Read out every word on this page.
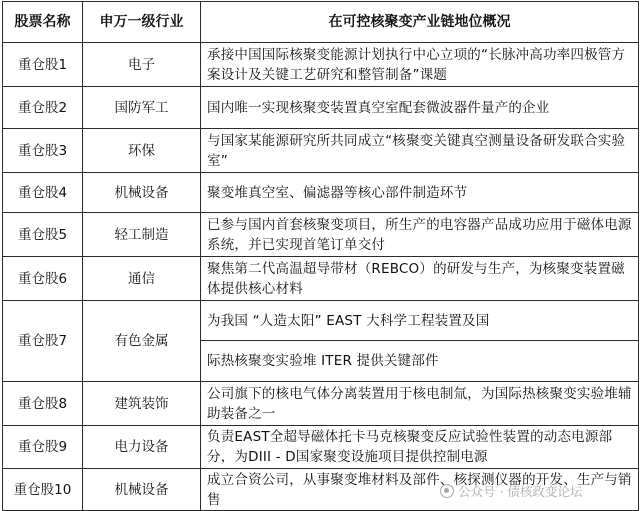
股票名称	申万一级行业	在可控核聚变产业链地位概况
重仓股1	电子	承接中国国际核聚变能源计划执行中心立项的“长脉冲高功率四极管方案设计及关键工艺研究和整管制备”课题
重仓股2	国防军工	国内唯一实现核聚变装置真空室配套微波器件量产的企业
重仓股3	环保	与国家某能源研究所共同成立“核聚变关键真空测量设备研发联合实验室”
重仓股4	机械设备	聚变堆真空室、偏滤器等核心部件制造环节
重仓股5	轻工制造	已参与国内首套核聚变项目，所生产的电容器产品成功应用于磁体电源系统，并已实现首笔订单交付
重仓股6	通信	聚焦第二代高温超导带材（REBCO）的研发与生产，为核聚变装置磁体提供核心材料
重仓股7	有色金属	为我国 “人造太阳” EAST 大科学工程装置及国
		际热核聚变实验堆 ITER 提供关键部件
重仓股8	建筑装饰	公司旗下的核电气体分离装置用于核电制氚，为国际热核聚变实验堆辅助装备之一
重仓股9	电力设备	负责EAST全超导磁体托卡马克核聚变反应试验性装置的动态电源部分，为DIII - D国家聚变设施项目提供控制电源
重仓股10	机械设备	成立合资公司，从事聚变堆材料及部件、核探测仪器的开发、生产与销售	公众号 · 债核政变论坛
